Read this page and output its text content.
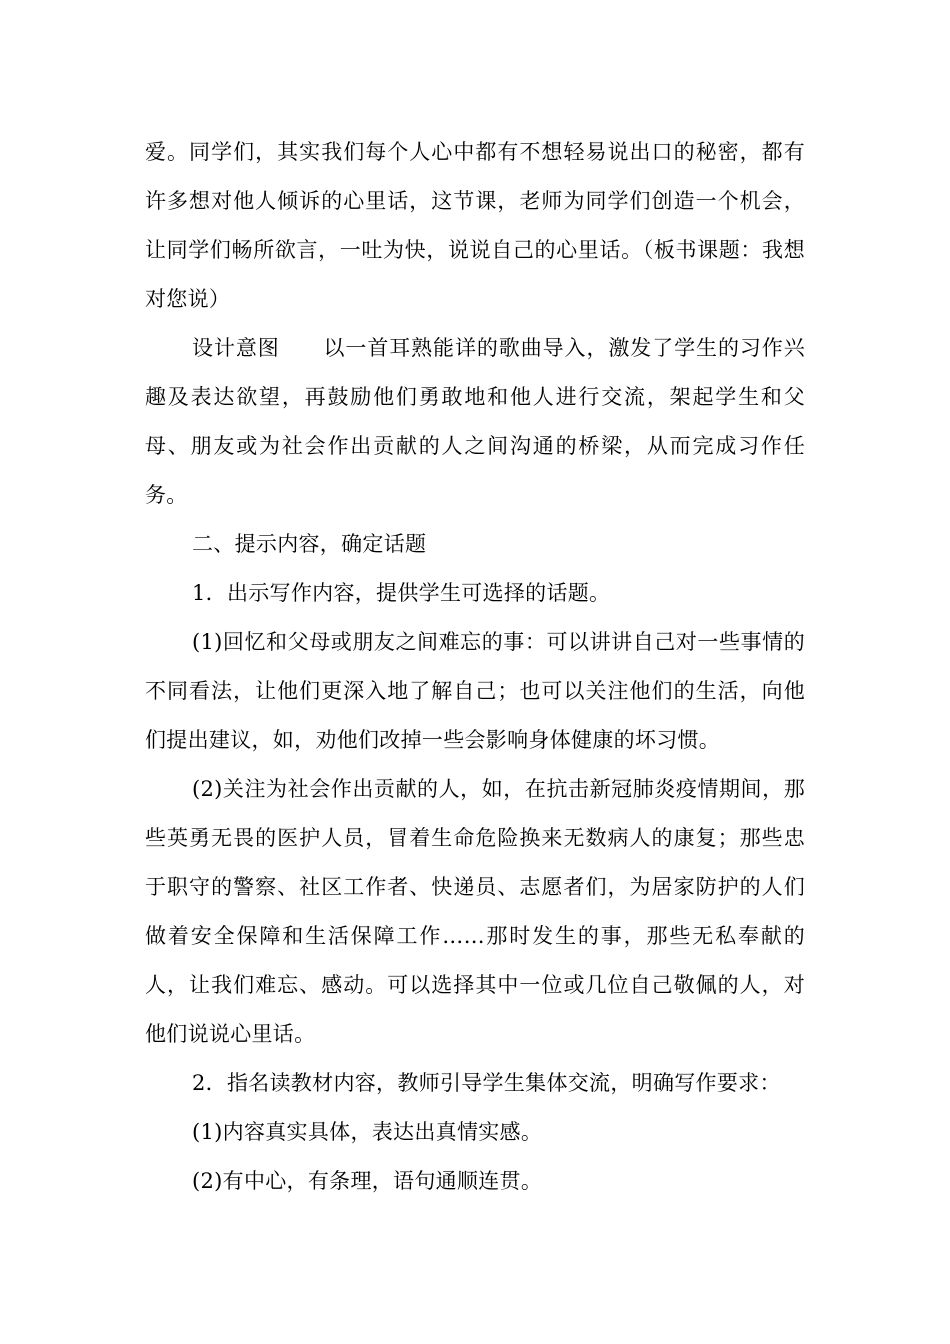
爱。同学们，其实我们每个人心中都有不想轻易说出口的秘密，都有许多想对他人倾诉的心里话，这节课，老师为同学们创造一个机会，让同学们畅所欲言，一吐为快，说说自己的心里话。（板书课题：我想对您说）

设计意图　　以一首耳熟能详的歌曲导入，激发了学生的习作兴趣及表达欲望，再鼓励他们勇敢地和他人进行交流，架起学生和父母、朋友或为社会作出贡献的人之间沟通的桥梁，从而完成习作任务。

二、提示内容，确定话题

1．出示写作内容，提供学生可选择的话题。

(1)回忆和父母或朋友之间难忘的事：可以讲讲自己对一些事情的不同看法，让他们更深入地了解自己；也可以关注他们的生活，向他们提出建议，如，劝他们改掉一些会影响身体健康的坏习惯。

(2)关注为社会作出贡献的人，如，在抗击新冠肺炎疫情期间，那些英勇无畏的医护人员，冒着生命危险换来无数病人的康复；那些忠于职守的警察、社区工作者、快递员、志愿者们，为居家防护的人们做着安全保障和生活保障工作……那时发生的事，那些无私奉献的人，让我们难忘、感动。可以选择其中一位或几位自己敬佩的人，对他们说说心里话。

2．指名读教材内容，教师引导学生集体交流，明确写作要求：

(1)内容真实具体，表达出真情实感。

(2)有中心，有条理，语句通顺连贯。
